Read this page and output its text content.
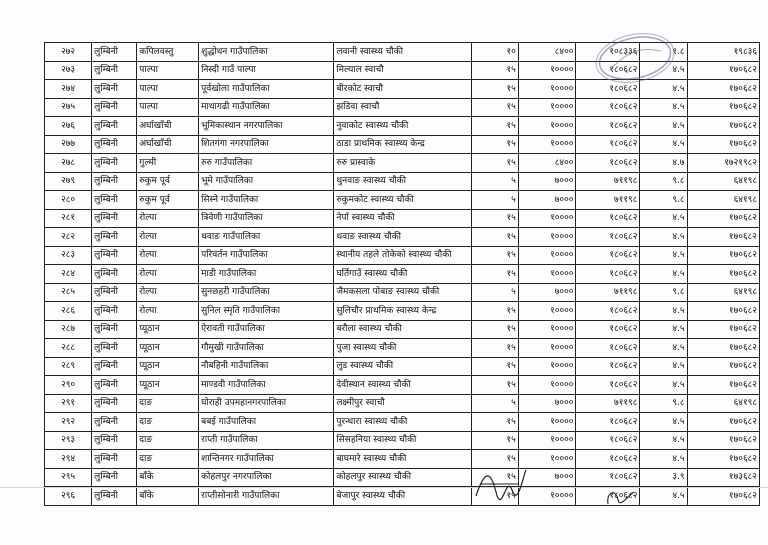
२७२	लुम्बिनी	कपिलवस्तु	शुद्धोधन गाउँपालिका	लवानी स्वास्थ्य चौकी	१०	८४००	१०८३३६	१.८	१९८३६
२७३	लुम्बिनी	पाल्पा	निस्दी गाउँ पाल्पा	मिल्याल स्वाचौ	१५	१००००	१८०६८२	४.५	१७०६८२
२७४	लुम्बिनी	पाल्पा	पूर्वखोला गाउँपालिका	बीरकोट स्वाचौ	१५	१००००	१८०६८२	४.५	१७०६८२
२७५	लुम्बिनी	पाल्पा	माथागढी गाउँपालिका	झडिवा स्वाचौ	१५	१००००	१८०६८२	४.५	१७०६८२
२७६	लुम्बिनी	अर्घाखाँची	भूमिकास्थान नगरपालिका	नुवाकोट स्वास्थ्य चौकी	१५	१००००	१८०६८२	४.५	१७०६८२
२७७	लुम्बिनी	अर्घाखाँची	शितगंगा नगरपालिका	ठाडा प्राथमिक स्वास्थ्य केन्द्र	१५	१००००	१८०६८२	४.५	१७०६८२
२७८	लुम्बिनी	गुल्मी	रुरु गाउँपालिका	रुरु प्रास्वाके	१५	८४००	१८०६८२	४.७	१७२१९८२
२७९	लुम्बिनी	रुकुम पूर्व	भूमे गाउँपालिका	थुनवाङ स्वास्थ्य चौकी	५	७०००	७११९८	९.८	६४१९८
२८०	लुम्बिनी	रुकुम पूर्व	सिस्ने गाउँपालिका	रुकुमकोट स्वास्थ्य चौकी	५	७०००	७११९८	९.८	६४१९८
२८१	लुम्बिनी	रोल्पा	त्रिवेणी गाउँपालिका	नेर्पा स्वास्थ्य चौकी	१५	१००००	१८०६८२	४.५	१७०६८२
२८२	लुम्बिनी	रोल्पा	थवाङ गाउँपालिका	थवाङ स्वास्थ्य चौकी	१५	१००००	१८०६८२	४.५	१७०६८२
२८३	लुम्बिनी	रोल्पा	परिवर्तन गाउँपालिका	स्थानीय तहले तोकेको स्वास्थ्य चौकी	१५	१००००	१८०६८२	४.५	१७०६८२
२८४	लुम्बिनी	रोल्पा	माडी गाउँपालिका	घर्तिगाउँ स्वास्थ्य चौकी	१५	१००००	१८०६८२	४.५	१७०६८२
२८५	लुम्बिनी	रोल्पा	सुनछहरी गाउँपालिका	जैमकसला पोबाङ स्वास्थ्य चौकी	५	७०००	७११९८	९.८	६४१९८
२८६	लुम्बिनी	रोल्पा	सुनिल स्मृति गाउँपालिका	सुलिचौर प्राथमिक स्वास्थ्य केन्द्र	१५	१००००	१८०६८२	४.५	१७०६८२
२८७	लुम्बिनी	प्यूठान	ऐरावती गाउँपालिका	बरौला स्वास्थ्य चौकी	१५	१००००	१८०६८२	४.५	१७०६८२
२८८	लुम्बिनी	प्यूठान	गौमुखी गाउँपालिका	पुजा स्वास्थ्य चौकी	१५	१००००	१८०६८२	४.५	१७०६८२
२८९	लुम्बिनी	प्यूठान	नौबहिनी गाउँपालिका	लुड स्वास्थ्य चौकी	१५	१००००	१८०६८२	४.५	१७०६८२
२९०	लुम्बिनी	प्यूठान	माण्डवी गाउँपालिका	देवीस्थान स्वास्थ्य चौकी	१५	१००००	१८०६८२	४.५	१७०६८२
२९१	लुम्बिनी	दाङ	घोराही उपमहानगरपालिका	लक्ष्मीपुर स्वाचौ	५	७०००	७११९८	९.८	६४१९८
२९२	लुम्बिनी	दाङ	बबई गाउँपालिका	पुरन्धारा स्वास्थ्य चौकी	१५	१००००	१८०६८२	४.५	१७०६८२
२९३	लुम्बिनी	दाङ	राप्ती गाउँपालिका	सिसहनिया स्वास्थ्य चौकी	१५	१००००	१८०६८२	४.५	१७०६८२
२९४	लुम्बिनी	दाङ	शान्तिनगर गाउँपालिका	बाघमारे स्वास्थ्य चौकी	१५	१००००	१८०६८२	४.५	१७०६८२
२९५	लुम्बिनी	बाँके	कोहलपुर नगरपालिका	कोहलपुर स्वास्थ्य चौकी	१५	७०००	१८०६८२	३.९	१७३६८२
२९६	लुम्बिनी	बाँके	राप्तीसोनारी गाउँपालिका	बेजापुर स्वास्थ्य चौकी	१५	१००००	१८०६८२	४.५	१७०६८२
